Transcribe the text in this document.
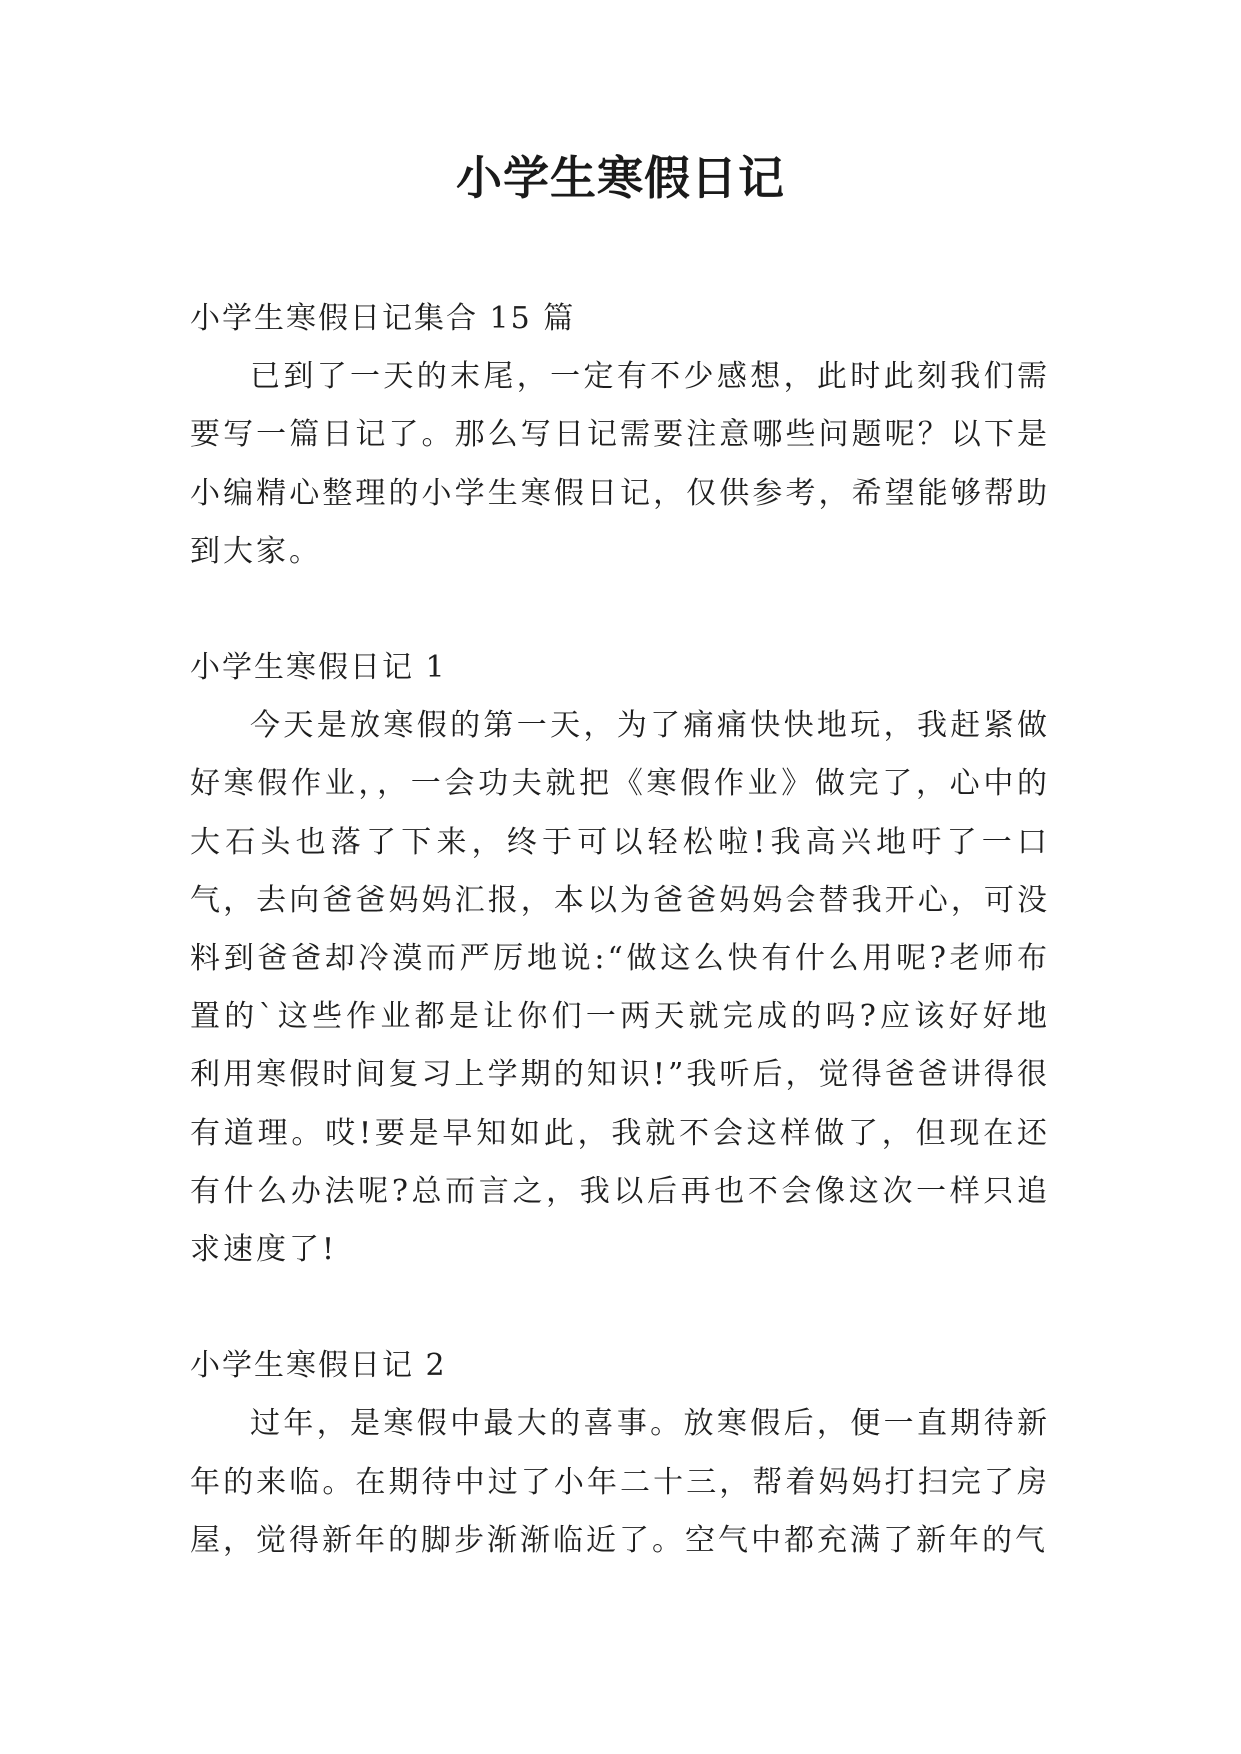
小学生寒假日记

小学生寒假日记集合 15 篇

已到了一天的末尾，一定有不少感想，此时此刻我们需要写一篇日记了。那么写日记需要注意哪些问题呢？以下是小编精心整理的小学生寒假日记，仅供参考，希望能够帮助到大家。

小学生寒假日记 1

今天是放寒假的第一天，为了痛痛快快地玩，我赶紧做好寒假作业，，一会功夫就把《寒假作业》做完了，心中的大石头也落了下来，终于可以轻松啦!我高兴地吁了一口气，去向爸爸妈妈汇报，本以为爸爸妈妈会替我开心，可没料到爸爸却冷漠而严厉地说:“做这么快有什么用呢?老师布置的`这些作业都是让你们一两天就完成的吗?应该好好地利用寒假时间复习上学期的知识!”我听后，觉得爸爸讲得很有道理。哎!要是早知如此，我就不会这样做了，但现在还有什么办法呢?总而言之，我以后再也不会像这次一样只追求速度了!

小学生寒假日记 2

过年，是寒假中最大的喜事。放寒假后，便一直期待新年的来临。在期待中过了小年二十三，帮着妈妈打扫完了房屋，觉得新年的脚步渐渐临近了。空气中都充满了新年的气
